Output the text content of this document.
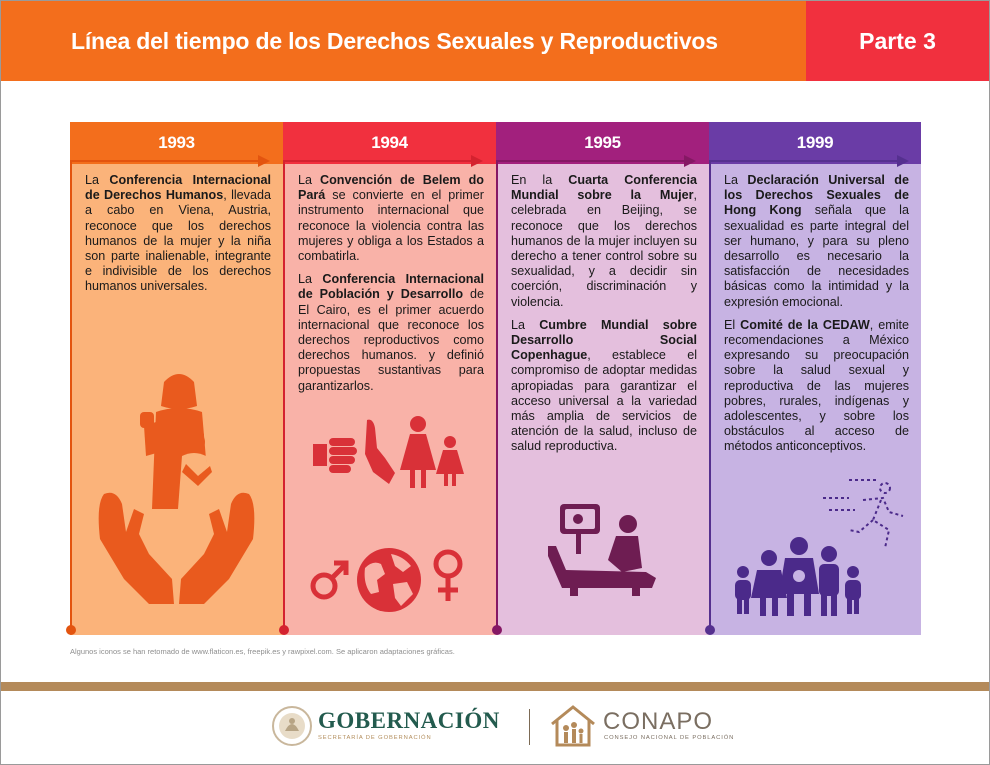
Línea del tiempo de los Derechos Sexuales y Reproductivos	Parte 3
1993

La Conferencia Internacional de Derechos Humanos, llevada a cabo en Viena, Austria, reconoce que los derechos humanos de la mujer y la niña son parte inalienable, integrante e indivisible de los derechos humanos universales.

1994

La Convención de Belem do Pará se convierte en el primer instrumento internacional que reconoce la violencia contra las mujeres y obliga a los Estados a combatirla.

La Conferencia Internacional de Población y Desarrollo de El Cairo, es el primer acuerdo internacional que reconoce los derechos reproductivos como derechos humanos. y definió propuestas sustantivas para garantizarlos.

1995

En la Cuarta Conferencia Mundial sobre la Mujer, celebrada en Beijing, se reconoce que los derechos humanos de la mujer incluyen su derecho a tener control sobre su sexualidad, y a decidir sin coerción, discriminación y violencia.

La Cumbre Mundial sobre Desarrollo Social Copenhague, establece el compromiso de adoptar medidas apropiadas para garantizar el acceso universal a la variedad más amplia de servicios de atención de la salud, incluso de salud reproductiva.

1999

La Declaración Universal de los Derechos Sexuales de Hong Kong señala que la sexualidad es parte integral del ser humano, y para su pleno desarrollo es necesario la satisfacción de necesidades básicas como la intimidad y la expresión emocional.

El Comité de la CEDAW, emite recomendaciones a México expresando su preocupación sobre la salud sexual y reproductiva de las mujeres pobres, rurales, indígenas y adolescentes, y sobre los obstáculos al acceso de métodos anticonceptivos.

Algunos iconos se han retomado de www.flaticon.es, freepik.es y rawpixel.com. Se aplicaron adaptaciones gráficas.
GOBERNACIÓN
SECRETARÍA DE GOBERNACIÓN
CONAPO
CONSEJO NACIONAL DE POBLACIÓN
